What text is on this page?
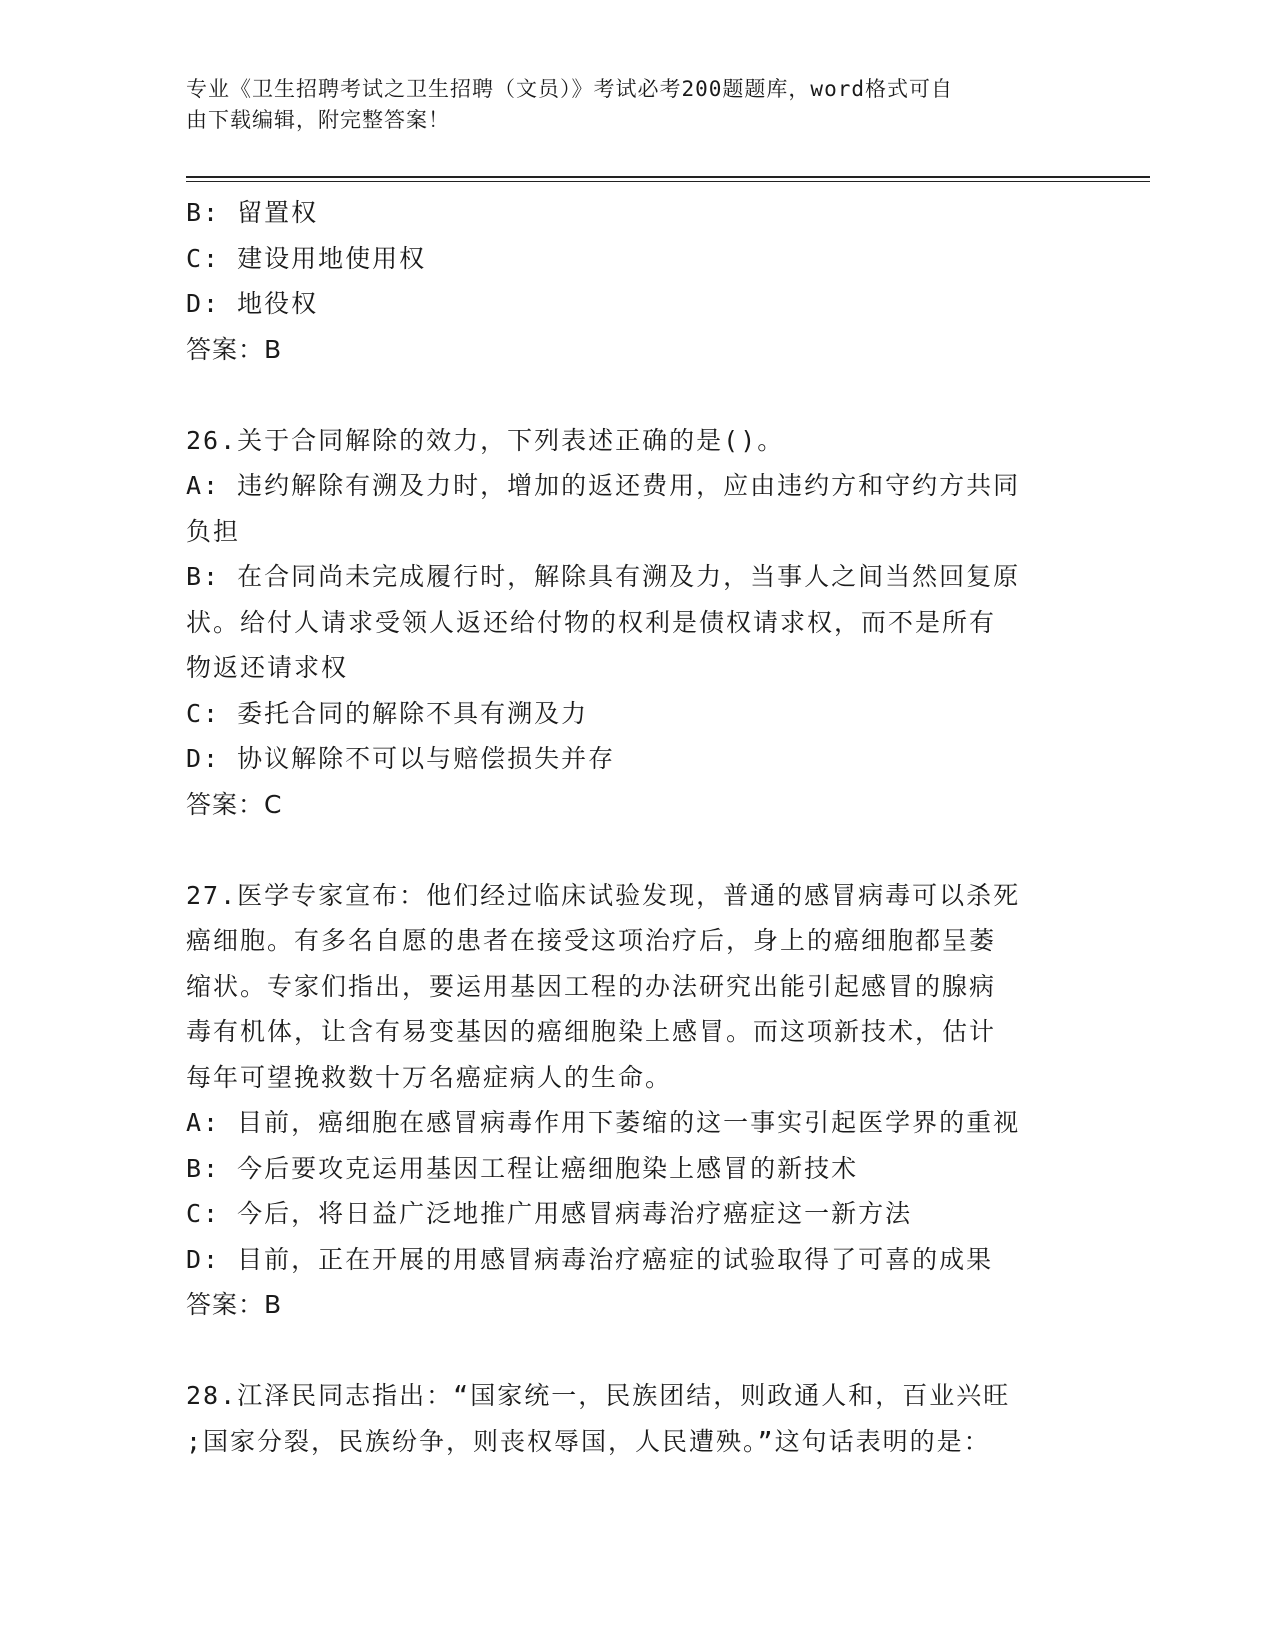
专业《卫生招聘考试之卫生招聘（文员）》考试必考200题题库，word格式可自
由下载编辑，附完整答案！
B: 留置权
C: 建设用地使用权
D: 地役权
答案：B
26.关于合同解除的效力，下列表述正确的是()。
A: 违约解除有溯及力时，增加的返还费用，应由违约方和守约方共同
负担
B: 在合同尚未完成履行时，解除具有溯及力，当事人之间当然回复原
状。给付人请求受领人返还给付物的权利是债权请求权，而不是所有
物返还请求权
C: 委托合同的解除不具有溯及力
D: 协议解除不可以与赔偿损失并存
答案：C
27.医学专家宣布：他们经过临床试验发现，普通的感冒病毒可以杀死
癌细胞。有多名自愿的患者在接受这项治疗后，身上的癌细胞都呈萎
缩状。专家们指出，要运用基因工程的办法研究出能引起感冒的腺病
毒有机体，让含有易变基因的癌细胞染上感冒。而这项新技术，估计
每年可望挽救数十万名癌症病人的生命。
A: 目前，癌细胞在感冒病毒作用下萎缩的这一事实引起医学界的重视
B: 今后要攻克运用基因工程让癌细胞染上感冒的新技术
C: 今后，将日益广泛地推广用感冒病毒治疗癌症这一新方法
D: 目前，正在开展的用感冒病毒治疗癌症的试验取得了可喜的成果
答案：B
28.江泽民同志指出：“国家统一，民族团结，则政通人和，百业兴旺
;国家分裂，民族纷争，则丧权辱国，人民遭殃。”这句话表明的是：
